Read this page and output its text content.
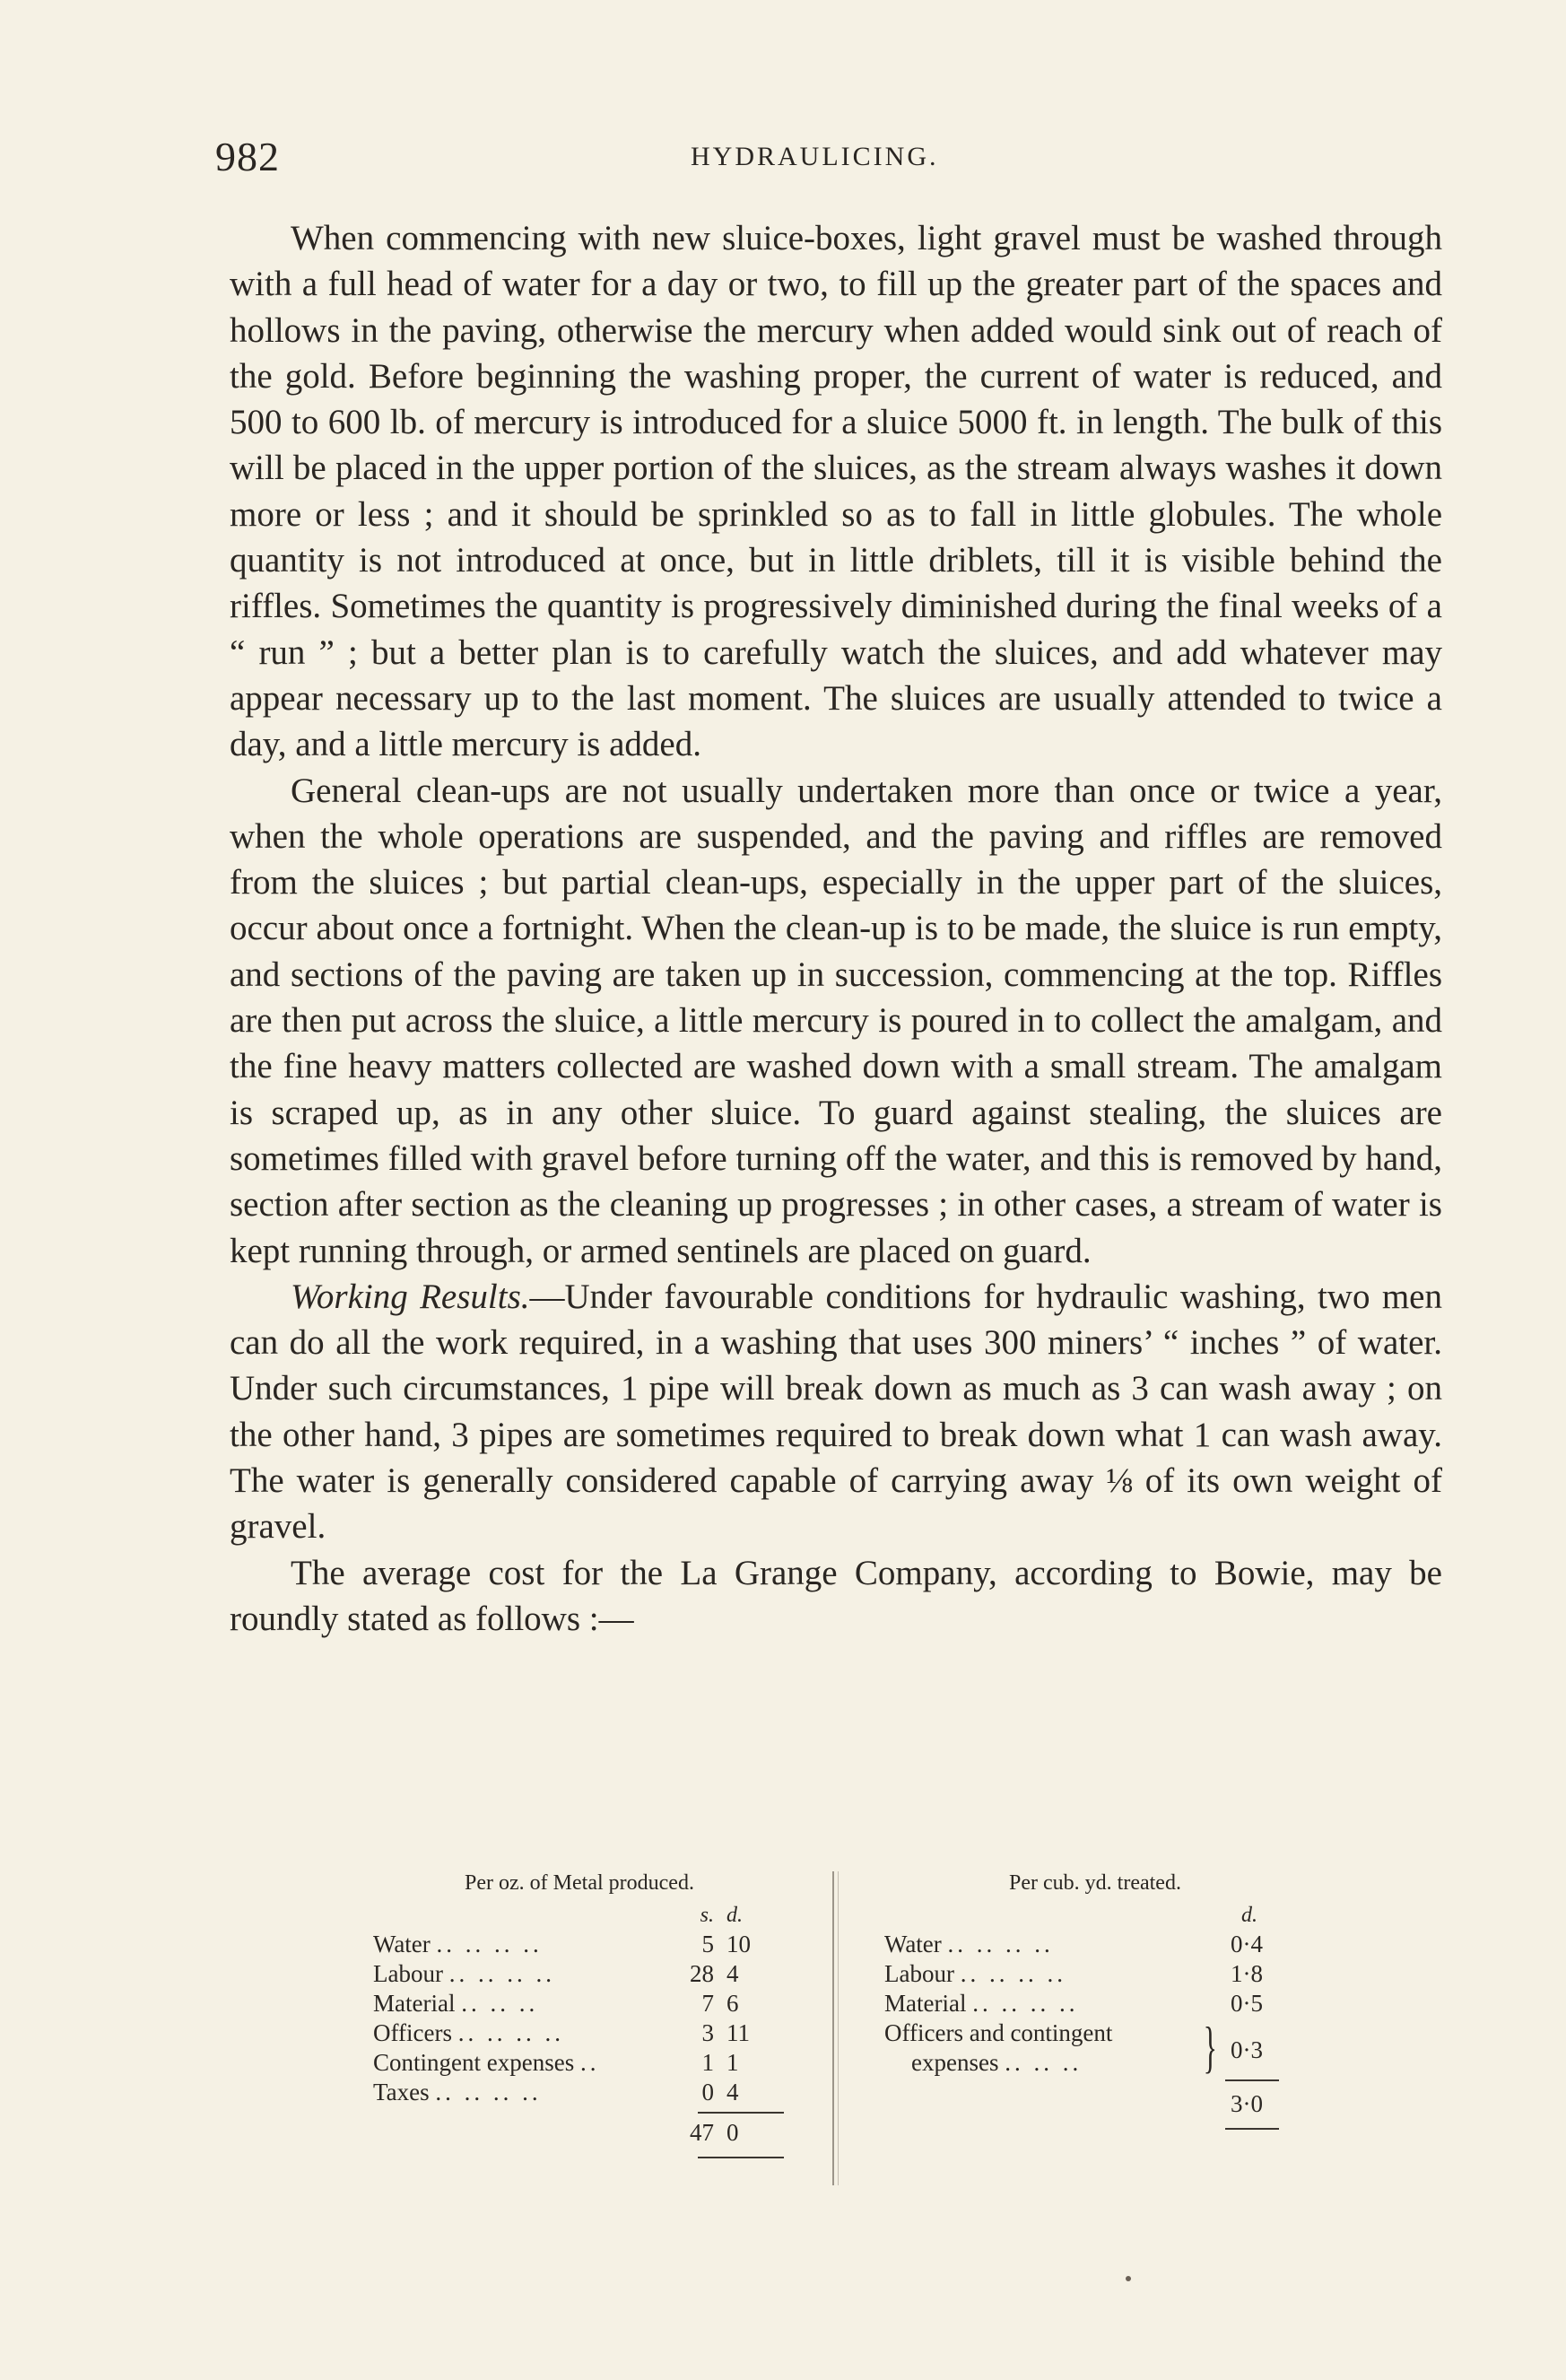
982	HYDRAULICING.

When commencing with new sluice-boxes, light gravel must be washed through with a full head of water for a day or two, to fill up the greater part of the spaces and hollows in the paving, otherwise the mercury when added would sink out of reach of the gold. Before beginning the washing proper, the current of water is reduced, and 500 to 600 lb. of mercury is introduced for a sluice 5000 ft. in length. The bulk of this will be placed in the upper portion of the sluices, as the stream always washes it down more or less ; and it should be sprinkled so as to fall in little globules. The whole quantity is not introduced at once, but in little driblets, till it is visible behind the riffles. Sometimes the quantity is progressively diminished during the final weeks of a “ run ” ; but a better plan is to carefully watch the sluices, and add whatever may appear necessary up to the last moment. The sluices are usually attended to twice a day, and a little mercury is added.

General clean-ups are not usually undertaken more than once or twice a year, when the whole operations are suspended, and the paving and riffles are removed from the sluices ; but partial clean-ups, especially in the upper part of the sluices, occur about once a fortnight. When the clean-up is to be made, the sluice is run empty, and sections of the paving are taken up in succession, commencing at the top. Riffles are then put across the sluice, a little mercury is poured in to collect the amalgam, and the fine heavy matters collected are washed down with a small stream. The amalgam is scraped up, as in any other sluice. To guard against stealing, the sluices are sometimes filled with gravel before turning off the water, and this is removed by hand, section after section as the cleaning up progresses ; in other cases, a stream of water is kept running through, or armed sentinels are placed on guard.

Working Results.—Under favourable conditions for hydraulic washing, two men can do all the work required, in a washing that uses 300 miners’ “ inches ” of water. Under such circumstances, 1 pipe will break down as much as 3 can wash away ; on the other hand, 3 pipes are sometimes required to break down what 1 can wash away. The water is generally considered capable of carrying away ⅛ of its own weight of gravel.

The average cost for the La Grange Company, according to Bowie, may be roundly stated as follows :—

Per oz. of Metal produced.
s. d.
Water .. .. .. ..	5 10
Labour .. .. .. ..	28 4
Material .. .. ..	7 6
Officers .. .. .. ..	3 11
Contingent expenses ..	1 1
Taxes .. .. .. ..	0 4
47 0
Per cub. yd. treated.
d.
Water .. .. .. ..	0·4
Labour .. .. .. ..	1·8
Material .. .. .. ..	0·5
Officers and contingent
expenses .. .. .. } 0·3
3·0
